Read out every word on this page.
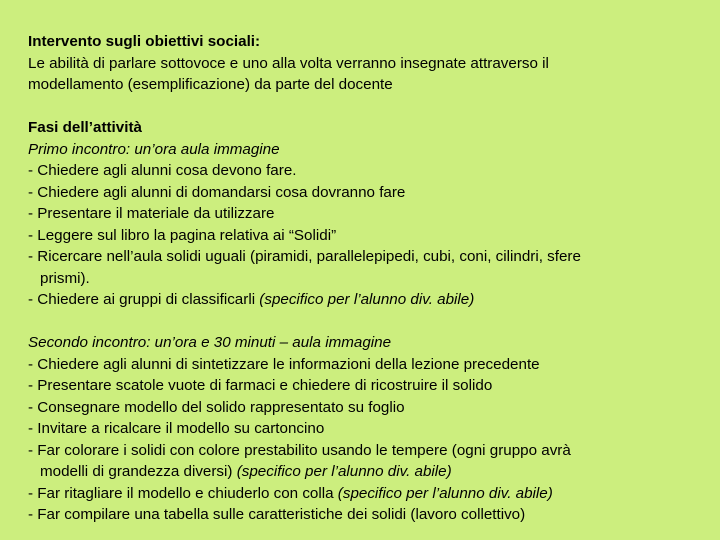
Intervento sugli obiettivi sociali:
Le abilità di parlare sottovoce e uno alla volta verranno insegnate attraverso il
modellamento (esemplificazione) da parte del docente
Fasi dell’attività
Primo incontro: un’ora aula immagine
- Chiedere agli alunni cosa devono fare.
- Chiedere agli alunni di domandarsi cosa dovranno fare
- Presentare il materiale da utilizzare
- Leggere sul libro la pagina relativa ai “Solidi”
- Ricercare nell’aula solidi uguali (piramidi, parallelepipedi, cubi, coni, cilindri, sfere
prismi).
- Chiedere ai gruppi di classificarli (specifico per l’alunno div. abile)
Secondo incontro: un’ora e 30 minuti – aula immagine
- Chiedere agli alunni di sintetizzare le informazioni della lezione precedente
- Presentare scatole vuote di farmaci e chiedere di ricostruire il solido
- Consegnare modello del solido rappresentato su foglio
- Invitare a ricalcare il modello su cartoncino
- Far colorare i solidi con colore prestabilito usando le tempere (ogni gruppo avrà
modelli di grandezza diversi) (specifico per l’alunno div. abile)
- Far ritagliare il modello e chiuderlo con colla (specifico per l’alunno div. abile)
- Far compilare una tabella sulle caratteristiche dei solidi (lavoro collettivo)
